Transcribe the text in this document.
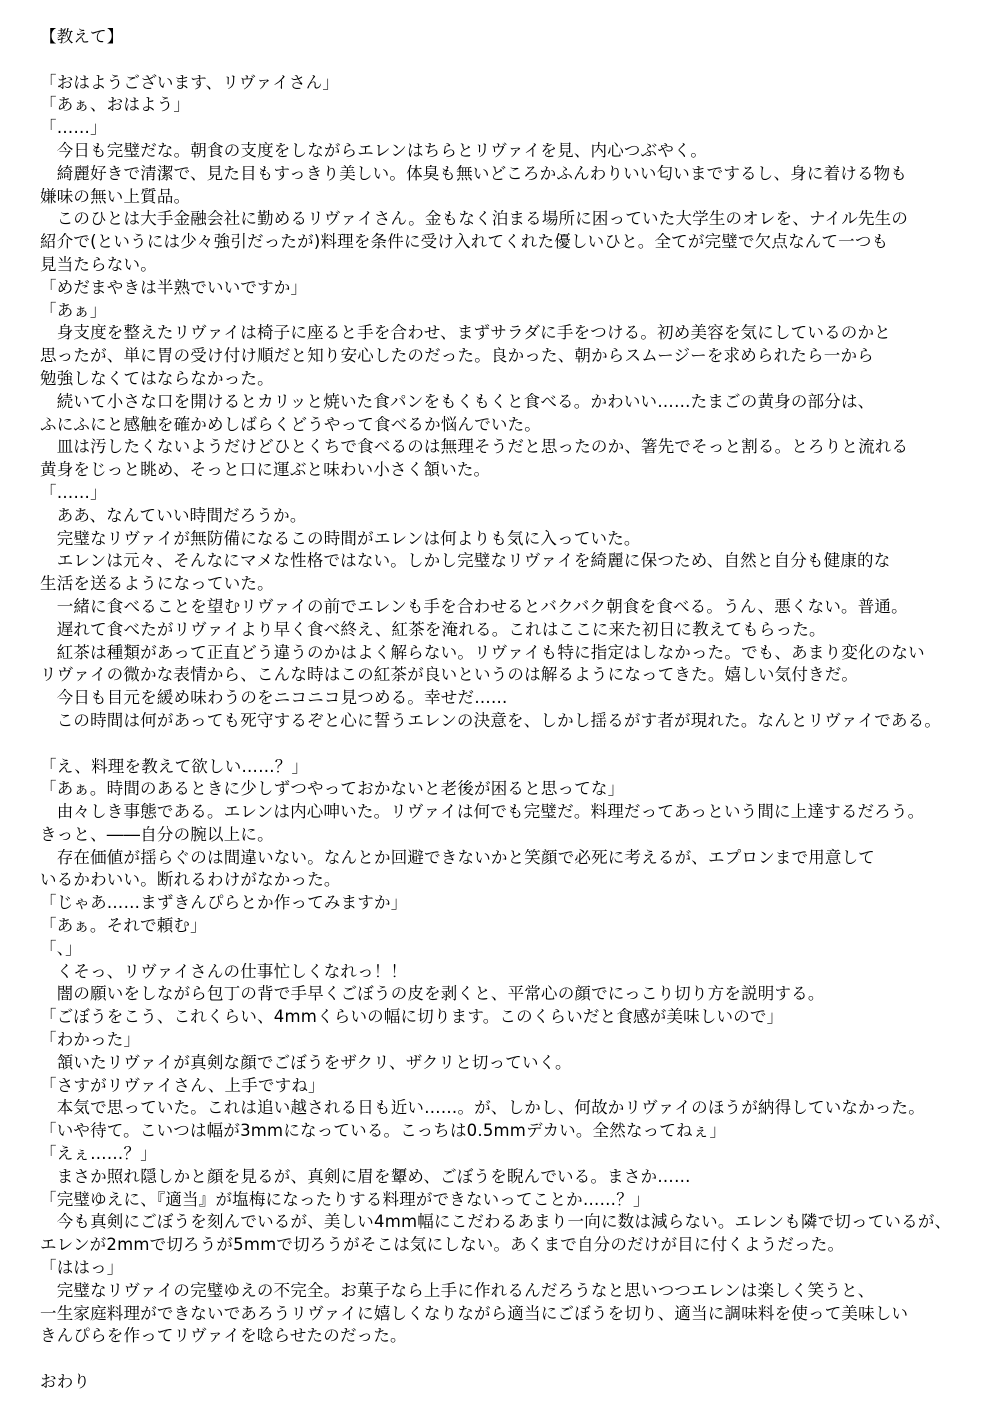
【教えて】
「おはようございます、リヴァイさん」
「あぁ、おはよう」
「……」
　今日も完璧だな。朝食の支度をしながらエレンはちらとリヴァイを見、内心つぶやく。
　綺麗好きで清潔で、見た目もすっきり美しい。体臭も無いどころかふんわりいい匂いまでするし、身に着ける物も
嫌味の無い上質品。
　このひとは大手金融会社に勤めるリヴァイさん。金もなく泊まる場所に困っていた大学生のオレを、ナイル先生の
紹介で(というには少々強引だったが)料理を条件に受け入れてくれた優しいひと。全てが完璧で欠点なんて一つも
見当たらない。
「めだまやきは半熟でいいですか」
「あぁ」
　身支度を整えたリヴァイは椅子に座ると手を合わせ、まずサラダに手をつける。初め美容を気にしているのかと
思ったが、単に胃の受け付け順だと知り安心したのだった。良かった、朝からスムージーを求められたら一から
勉強しなくてはならなかった。
　続いて小さな口を開けるとカリッと焼いた食パンをもくもくと食べる。かわいい……たまごの黄身の部分は、
ふにふにと感触を確かめしばらくどうやって食べるか悩んでいた。
　皿は汚したくないようだけどひとくちで食べるのは無理そうだと思ったのか、箸先でそっと割る。とろりと流れる
黄身をじっと眺め、そっと口に運ぶと味わい小さく頷いた。
「……」
　ああ、なんていい時間だろうか。
　完璧なリヴァイが無防備になるこの時間がエレンは何よりも気に入っていた。
　エレンは元々、そんなにマメな性格ではない。しかし完璧なリヴァイを綺麗に保つため、自然と自分も健康的な
生活を送るようになっていた。
　一緒に食べることを望むリヴァイの前でエレンも手を合わせるとバクバク朝食を食べる。うん、悪くない。普通。
　遅れて食べたがリヴァイより早く食べ終え、紅茶を淹れる。これはここに来た初日に教えてもらった。
　紅茶は種類があって正直どう違うのかはよく解らない。リヴァイも特に指定はしなかった。でも、あまり変化のない
リヴァイの微かな表情から、こんな時はこの紅茶が良いというのは解るようになってきた。嬉しい気付きだ。
　今日も目元を緩め味わうのをニコニコ見つめる。幸せだ……
　この時間は何があっても死守するぞと心に誓うエレンの決意を、しかし揺るがす者が現れた。なんとリヴァイである。
「え、料理を教えて欲しい……？」
「あぁ。時間のあるときに少しずつやっておかないと老後が困ると思ってな」
　由々しき事態である。エレンは内心呻いた。リヴァイは何でも完璧だ。料理だってあっという間に上達するだろう。
きっと、――自分の腕以上に。
　存在価値が揺らぐのは間違いない。なんとか回避できないかと笑顔で必死に考えるが、エプロンまで用意して
いるかわいい。断れるわけがなかった。
「じゃあ……まずきんぴらとか作ってみますか」
「あぁ。それで頼む」
「、」
　くそっ、リヴァイさんの仕事忙しくなれっ！！
　闇の願いをしながら包丁の背で手早くごぼうの皮を剥くと、平常心の顔でにっこり切り方を説明する。
「ごぼうをこう、これくらい、4mmくらいの幅に切ります。このくらいだと食感が美味しいので」
「わかった」
　頷いたリヴァイが真剣な顔でごぼうをザクリ、ザクリと切っていく。
「さすがリヴァイさん、上手ですね」
　本気で思っていた。これは追い越される日も近い……。が、しかし、何故かリヴァイのほうが納得していなかった。
「いや待て。こいつは幅が3mmになっている。こっちは0.5mmデカい。全然なってねぇ」
「えぇ……？」
　まさか照れ隠しかと顔を見るが、真剣に眉を顰め、ごぼうを睨んでいる。まさか……
「完璧ゆえに、『適当』が塩梅になったりする料理ができないってことか……？」
　今も真剣にごぼうを刻んでいるが、美しい4mm幅にこだわるあまり一向に数は減らない。エレンも隣で切っているが、
エレンが2mmで切ろうが5mmで切ろうがそこは気にしない。あくまで自分のだけが目に付くようだった。
「ははっ」
　完璧なリヴァイの完璧ゆえの不完全。お菓子なら上手に作れるんだろうなと思いつつエレンは楽しく笑うと、
一生家庭料理ができないであろうリヴァイに嬉しくなりながら適当にごぼうを切り、適当に調味料を使って美味しい
きんぴらを作ってリヴァイを唸らせたのだった。
おわり
